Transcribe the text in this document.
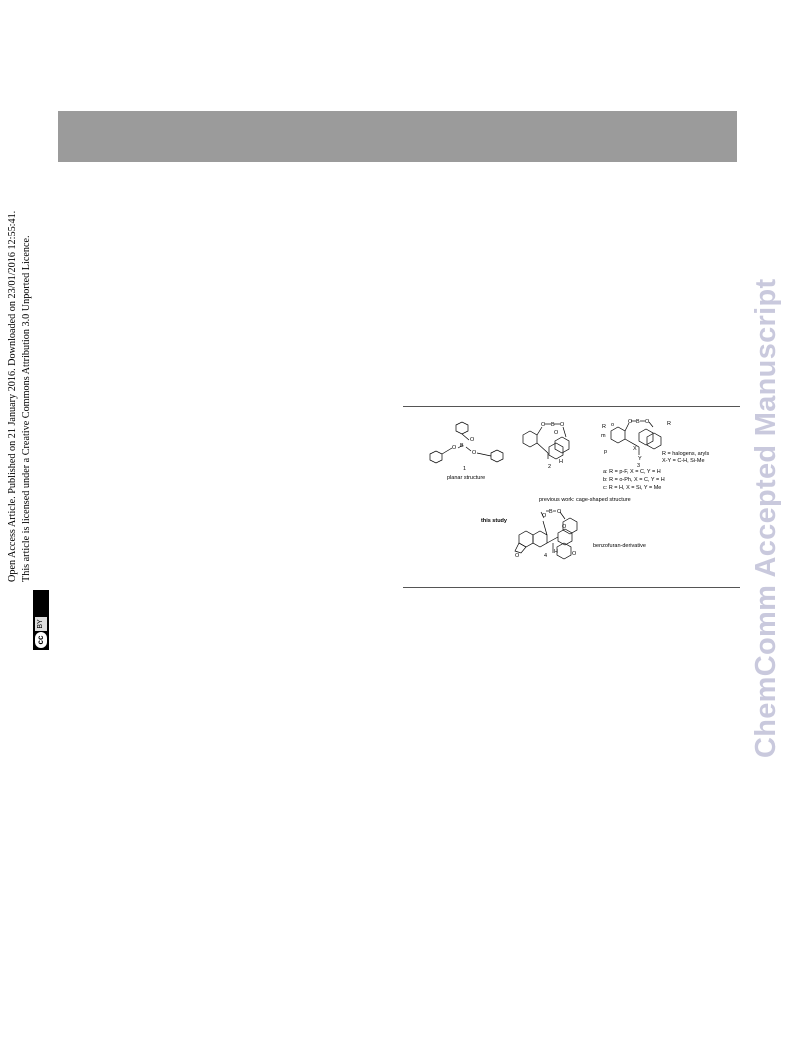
cc
BY
Open Access Article. Published on 21 January 2016. Downloaded on 23/01/2016 12:55:41. This article is licensed under a Creative Commons Attribution 3.0 Unported Licence.	ChemComm Accepted Manuscript
O
B
O
O
1
planar structure
O B O
O
H
2
O B O
R	R
o
m
p	X
Y
R = halogens, aryls
X-Y = C-H, Si-Me
3
a: R = p-F, X = C, Y = H
b: R = o-Ph, X = C, Y = H
c: R = H, X = Si, Y = Me
previous work: cage-shaped structure
this study
O
B O
O
O	O
H
4
benzofuran-derivative
